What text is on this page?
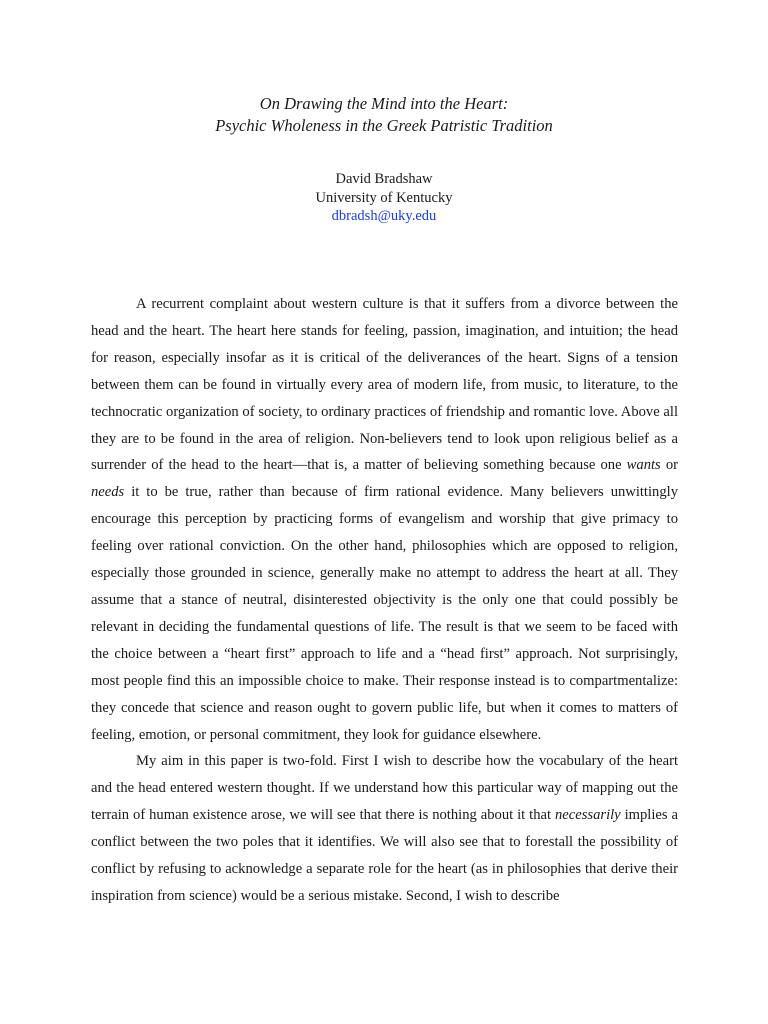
On Drawing the Mind into the Heart:
Psychic Wholeness in the Greek Patristic Tradition
David Bradshaw
University of Kentucky
dbradsh@uky.edu

A recurrent complaint about western culture is that it suffers from a divorce between the head and the heart. The heart here stands for feeling, passion, imagination, and intuition; the head for reason, especially insofar as it is critical of the deliverances of the heart. Signs of a tension between them can be found in virtually every area of modern life, from music, to literature, to the technocratic organization of society, to ordinary practices of friendship and romantic love. Above all they are to be found in the area of religion. Non-believers tend to look upon religious belief as a surrender of the head to the heart—that is, a matter of believing something because one wants or needs it to be true, rather than because of firm rational evidence. Many believers unwittingly encourage this perception by practicing forms of evangelism and worship that give primacy to feeling over rational conviction. On the other hand, philosophies which are opposed to religion, especially those grounded in science, generally make no attempt to address the heart at all. They assume that a stance of neutral, disinterested objectivity is the only one that could possibly be relevant in deciding the fundamental questions of life. The result is that we seem to be faced with the choice between a “heart first” approach to life and a “head first” approach. Not surprisingly, most people find this an impossible choice to make. Their response instead is to compartmentalize: they concede that science and reason ought to govern public life, but when it comes to matters of feeling, emotion, or personal commitment, they look for guidance elsewhere.

My aim in this paper is two-fold. First I wish to describe how the vocabulary of the heart and the head entered western thought. If we understand how this particular way of mapping out the terrain of human existence arose, we will see that there is nothing about it that necessarily implies a conflict between the two poles that it identifies. We will also see that to forestall the possibility of conflict by refusing to acknowledge a separate role for the heart (as in philosophies that derive their inspiration from science) would be a serious mistake. Second, I wish to describe
